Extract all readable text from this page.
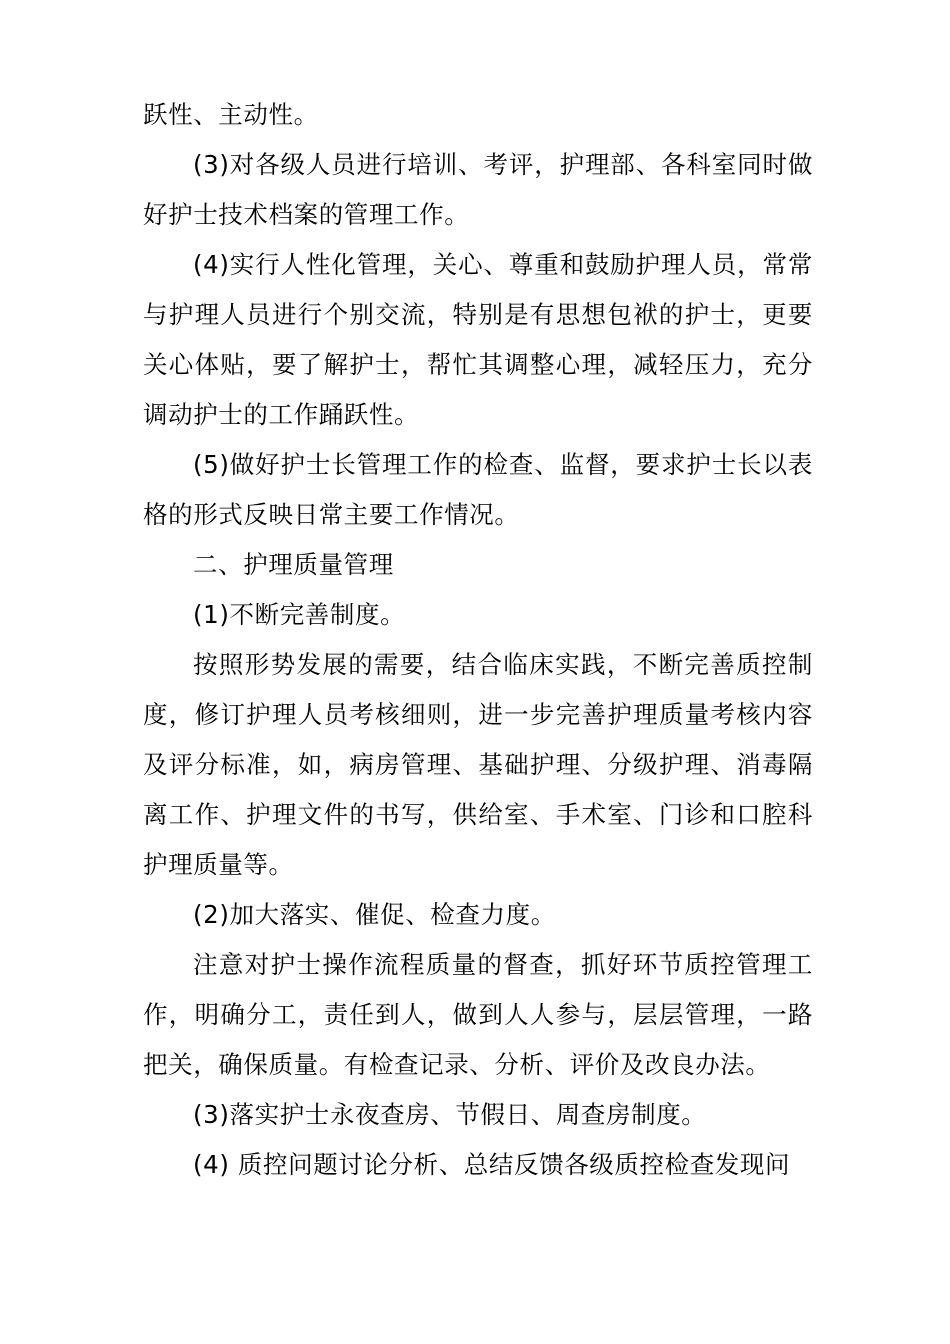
跃性、主动性。

(3)对各级人员进行培训、考评，护理部、各科室同时做好护士技术档案的管理工作。

(4)实行人性化管理，关心、尊重和鼓励护理人员，常常与护理人员进行个别交流，特别是有思想包袱的护士，更要关心体贴，要了解护士，帮忙其调整心理，减轻压力，充分调动护士的工作踊跃性。

(5)做好护士长管理工作的检查、监督，要求护士长以表格的形式反映日常主要工作情况。

二、护理质量管理

(1)不断完善制度。

按照形势发展的需要，结合临床实践，不断完善质控制度，修订护理人员考核细则，进一步完善护理质量考核内容及评分标准，如，病房管理、基础护理、分级护理、消毒隔离工作、护理文件的书写，供给室、手术室、门诊和口腔科护理质量等。

(2)加大落实、催促、检查力度。

注意对护士操作流程质量的督查，抓好环节质控管理工作，明确分工，责任到人，做到人人参与，层层管理，一路把关，确保质量。有检查记录、分析、评价及改良办法。

(3)落实护士永夜查房、节假日、周查房制度。

(4) 质控问题讨论分析、总结反馈各级质控检查发现问
